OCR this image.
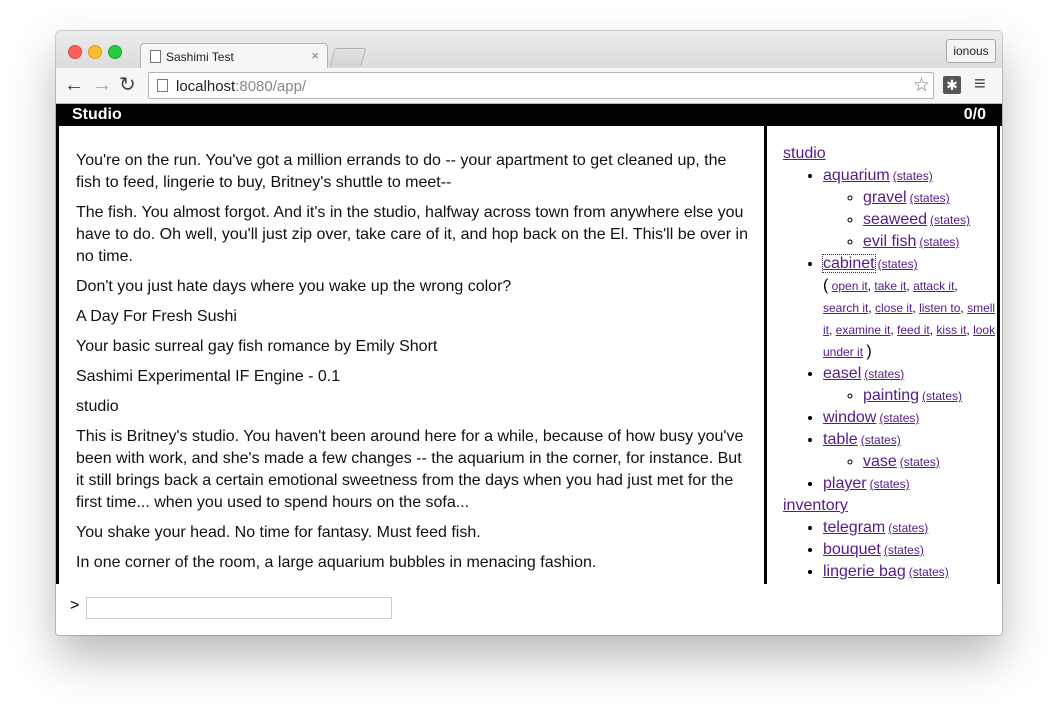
Sashimi Test	×	ionous
← → ↻	localhost:8080/app/	☆ ✱ ≡
Studio	0/0

You're on the run. You've got a million errands to do -- your apartment to get cleaned up, the fish to feed, lingerie to buy, Britney's shuttle to meet--

The fish. You almost forgot. And it's in the studio, halfway across town from anywhere else you have to do. Oh well, you'll just zip over, take care of it, and hop back on the El. This'll be over in no time.

Don't you just hate days where you wake up the wrong color?

A Day For Fresh Sushi

Your basic surreal gay fish romance by Emily Short

Sashimi Experimental IF Engine - 0.1

studio

This is Britney's studio. You haven't been around here for a while, because of how busy you've been with work, and she's made a few changes -- the aquarium in the corner, for instance. But it still brings back a certain emotional sweetness from the days when you had just met for the first time... when you used to spend hours on the sofa...

You shake your head. No time for fantasy. Must feed fish.

In one corner of the room, a large aquarium bubbles in menacing fashion.

studio
• aquarium (states)
◦ gravel (states)
◦ seaweed (states)
◦ evil fish (states)
• cabinet (states)
( open it, take it, attack it, search it, close it, listen to, smell it, examine it, feed it, kiss it, look under it )
• easel (states)
◦ painting (states)
• window (states)
• table (states)
◦ vase (states)
• player (states)
inventory
• telegram (states)
• bouquet (states)
• lingerie bag (states)
>
